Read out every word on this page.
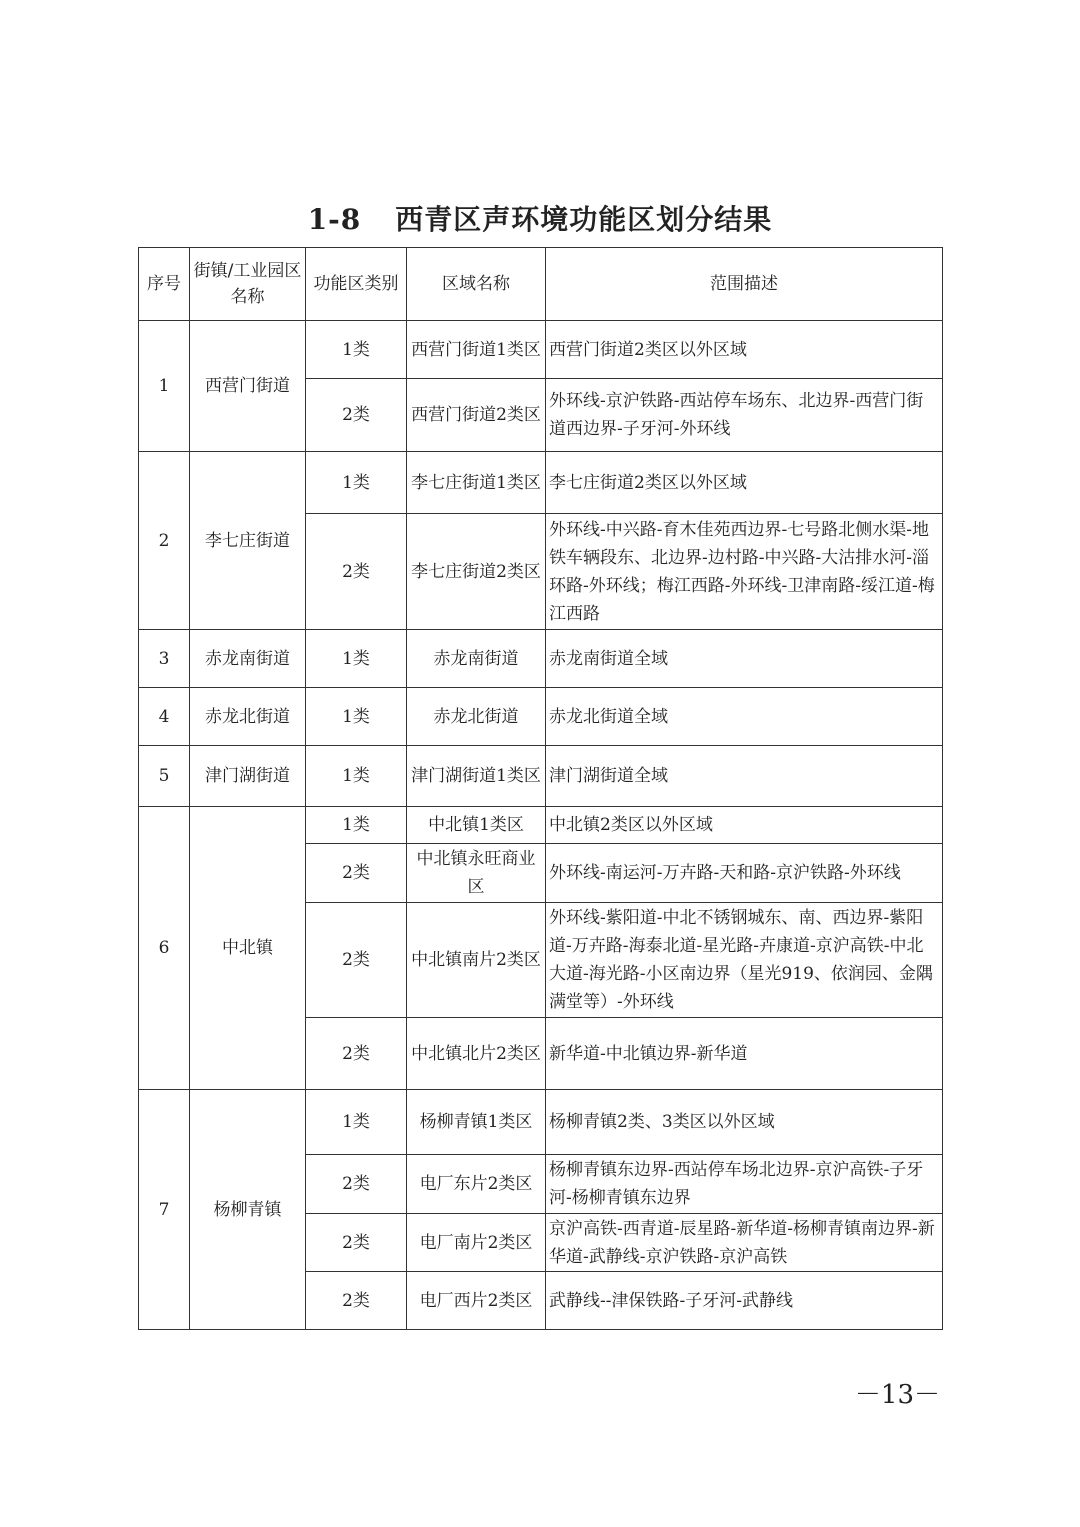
1-8 西青区声环境功能区划分结果
序号	街镇/工业园区名称	功能区类别	区域名称	范围描述
1	西营门街道	1类	西营门街道1类区	西营门街道2类区以外区域
		2类	西营门街道2类区	外环线-京沪铁路-西站停车场东、北边界-西营门街道西边界-子牙河-外环线
2	李七庄街道	1类	李七庄街道1类区	李七庄街道2类区以外区域
		2类	李七庄街道2类区	外环线-中兴路-育木佳苑西边界-七号路北侧水渠-地铁车辆段东、北边界-边村路-中兴路-大沽排水河-淄环路-外环线；梅江西路-外环线-卫津南路-绥江道-梅江西路
3	赤龙南街道	1类	赤龙南街道	赤龙南街道全域
4	赤龙北街道	1类	赤龙北街道	赤龙北街道全域
5	津门湖街道	1类	津门湖街道1类区	津门湖街道全域
6	中北镇	1类	中北镇1类区	中北镇2类区以外区域
		2类	中北镇永旺商业区	外环线-南运河-万卉路-天和路-京沪铁路-外环线
		2类	中北镇南片2类区	外环线-紫阳道-中北不锈钢城东、南、西边界-紫阳道-万卉路-海泰北道-星光路-卉康道-京沪高铁-中北大道-海光路-小区南边界（星光919、依润园、金隅满堂等）-外环线
		2类	中北镇北片2类区	新华道-中北镇边界-新华道
7	杨柳青镇	1类	杨柳青镇1类区	杨柳青镇2类、3类区以外区域
		2类	电厂东片2类区	杨柳青镇东边界-西站停车场北边界-京沪高铁-子牙河-杨柳青镇东边界
		2类	电厂南片2类区	京沪高铁-西青道-辰星路-新华道-杨柳青镇南边界-新华道-武静线-京沪铁路-京沪高铁
		2类	电厂西片2类区	武静线--津保铁路-子牙河-武静线
－13－
